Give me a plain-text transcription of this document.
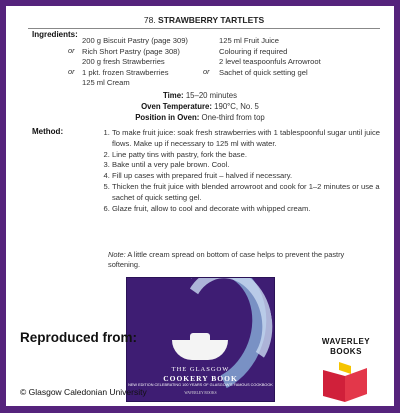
78. STRAWBERRY TARTLETS
Ingredients:
or
or	or
200 g Biscuit Pastry (page 309)
Rich Short Pastry (page 308)
200 g fresh Strawberries
1 pkt. frozen Strawberries
125 ml Cream
125 ml Fruit Juice
Colouring if required
2 level teaspoonfuls Arrowroot
Sachet of quick setting gel
Time: 15–20 minutes
Oven Temperature: 190°C, No. 5
Position in Oven: One-third from top
Method:
1.	To make fruit juice: soak fresh strawberries with 1 tablespoonful sugar until juice flows. Make up if necessary to 125 ml with water.
2. Line patty tins with pastry, fork the base.
3. Bake until a very pale brown. Cool.
4. Fill up cases with prepared fruit – halved if necessary.
5. Thicken the fruit juice with blended arrowroot and cook for 1–2 minutes or use a sachet of quick setting gel.
6. Glaze fruit, allow to cool and decorate with whipped cream.
Note: A little cream spread on bottom of case helps to prevent the pastry softening.
THE GLASGOW
COOKERY BOOK
NEW EDITION CELEBRATING 100 YEARS OF GLASGOW'S FAMOUS COOKBOOK
WAVERLEY BOOKS
Reproduced from:
© Glasgow Caledonian University
WAVERLEY
BOOKS
